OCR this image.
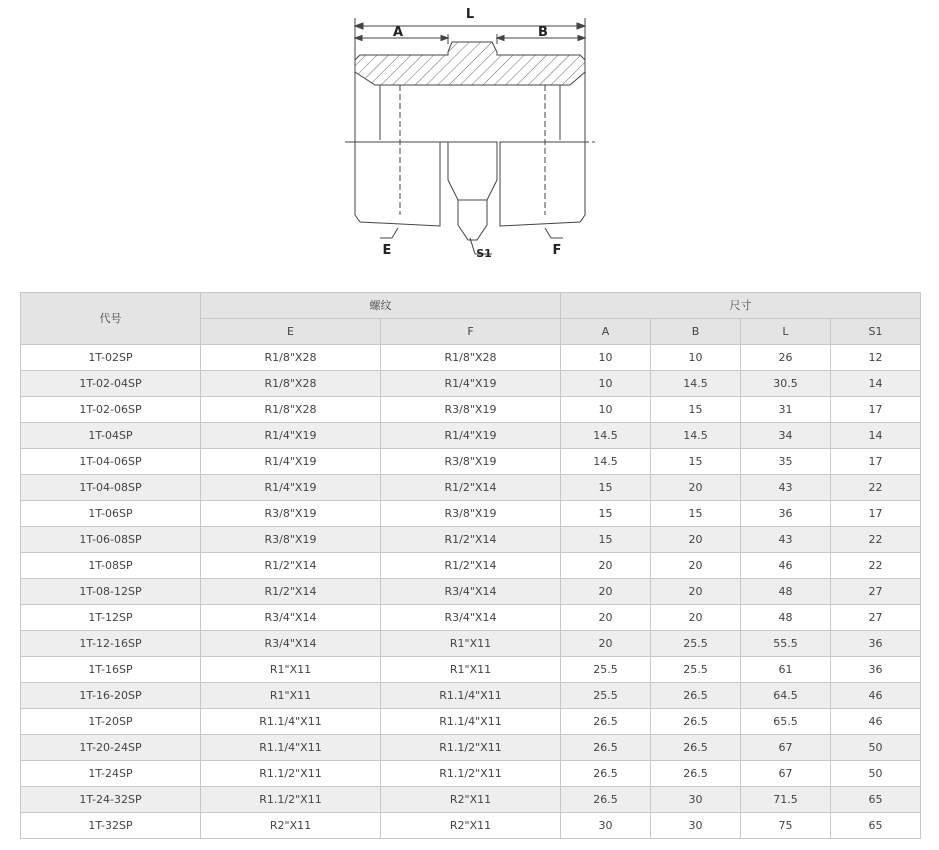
L
A	B
E	F
S1
代号	螺纹		尺寸			
	E	F	A	B	L	S1
1T-02SP	R1/8"X28	R1/8"X28	10	10	26	12
1T-02-04SP	R1/8"X28	R1/4"X19	10	14.5	30.5	14
1T-02-06SP	R1/8"X28	R3/8"X19	10	15	31	17
1T-04SP	R1/4"X19	R1/4"X19	14.5	14.5	34	14
1T-04-06SP	R1/4"X19	R3/8"X19	14.5	15	35	17
1T-04-08SP	R1/4"X19	R1/2"X14	15	20	43	22
1T-06SP	R3/8"X19	R3/8"X19	15	15	36	17
1T-06-08SP	R3/8"X19	R1/2"X14	15	20	43	22
1T-08SP	R1/2"X14	R1/2"X14	20	20	46	22
1T-08-12SP	R1/2"X14	R3/4"X14	20	20	48	27
1T-12SP	R3/4"X14	R3/4"X14	20	20	48	27
1T-12-16SP	R3/4"X14	R1"X11	20	25.5	55.5	36
1T-16SP	R1"X11	R1"X11	25.5	25.5	61	36
1T-16-20SP	R1"X11	R1.1/4"X11	25.5	26.5	64.5	46
1T-20SP	R1.1/4"X11	R1.1/4"X11	26.5	26.5	65.5	46
1T-20-24SP	R1.1/4"X11	R1.1/2"X11	26.5	26.5	67	50
1T-24SP	R1.1/2"X11	R1.1/2"X11	26.5	26.5	67	50
1T-24-32SP	R1.1/2"X11	R2"X11	26.5	30	71.5	65
1T-32SP	R2"X11	R2"X11	30	30	75	65
